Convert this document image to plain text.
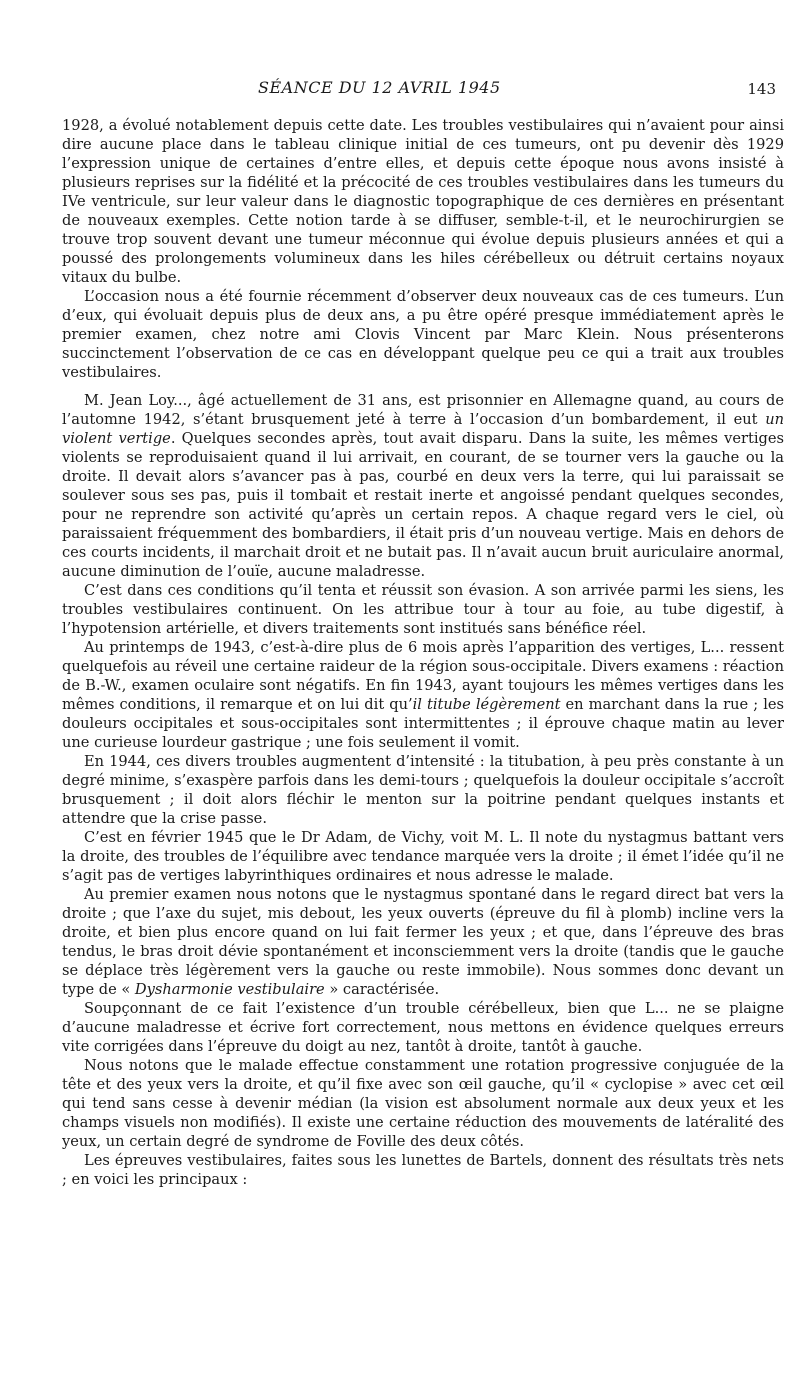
SÉANCE DU 12 AVRIL 1945	143

1928, a évolué notablement depuis cette date. Les troubles vestibulaires qui n’avaient pour ainsi dire aucune place dans le tableau clinique initial de ces tumeurs, ont pu devenir dès 1929 l’expression unique de certaines d’entre elles, et depuis cette époque nous avons insisté à plusieurs reprises sur la fidélité et la précocité de ces troubles vestibulaires dans les tumeurs du IVe ventricule, sur leur valeur dans le diagnostic topographique de ces dernières en présentant de nouveaux exemples. Cette notion tarde à se diffuser, semble-t-il, et le neurochirurgien se trouve trop souvent devant une tumeur méconnue qui évolue depuis plusieurs années et qui a poussé des prolongements volumineux dans les hiles cérébelleux ou détruit certains noyaux vitaux du bulbe.

L’occasion nous a été fournie récemment d’observer deux nouveaux cas de ces tumeurs. L’un d’eux, qui évoluait depuis plus de deux ans, a pu être opéré presque immédiatement après le premier examen, chez notre ami Clovis Vincent par Marc Klein. Nous présenterons succinctement l’observation de ce cas en développant quelque peu ce qui a trait aux troubles vestibulaires.

M. Jean Loy..., âgé actuellement de 31 ans, est prisonnier en Allemagne quand, au cours de l’automne 1942, s’étant brusquement jeté à terre à l’occasion d’un bombardement, il eut un violent vertige. Quelques secondes après, tout avait disparu. Dans la suite, les mêmes vertiges violents se reproduisaient quand il lui arrivait, en courant, de se tourner vers la gauche ou la droite. Il devait alors s’avancer pas à pas, courbé en deux vers la terre, qui lui paraissait se soulever sous ses pas, puis il tombait et restait inerte et angoissé pendant quelques secondes, pour ne reprendre son activité qu’après un certain repos. A chaque regard vers le ciel, où paraissaient fréquemment des bombardiers, il était pris d’un nouveau vertige. Mais en dehors de ces courts incidents, il marchait droit et ne butait pas. Il n’avait aucun bruit auriculaire anormal, aucune diminution de l’ouïe, aucune maladresse.

C’est dans ces conditions qu’il tenta et réussit son évasion. A son arrivée parmi les siens, les troubles vestibulaires continuent. On les attribue tour à tour au foie, au tube digestif, à l’hypotension artérielle, et divers traitements sont institués sans bénéfice réel.

Au printemps de 1943, c’est-à-dire plus de 6 mois après l’apparition des vertiges, L... ressent quelquefois au réveil une certaine raideur de la région sous-occipitale. Divers examens : réaction de B.-W., examen oculaire sont négatifs. En fin 1943, ayant toujours les mêmes vertiges dans les mêmes conditions, il remarque et on lui dit qu’il titube légèrement en marchant dans la rue ; les douleurs occipitales et sous-occipitales sont intermittentes ; il éprouve chaque matin au lever une curieuse lourdeur gastrique ; une fois seulement il vomit.

En 1944, ces divers troubles augmentent d’intensité : la titubation, à peu près constante à un degré minime, s’exaspère parfois dans les demi-tours ; quelquefois la douleur occipitale s’accroît brusquement ; il doit alors fléchir le menton sur la poitrine pendant quelques instants et attendre que la crise passe.

C’est en février 1945 que le Dr Adam, de Vichy, voit M. L. Il note du nystagmus battant vers la droite, des troubles de l’équilibre avec tendance marquée vers la droite ; il émet l’idée qu’il ne s’agit pas de vertiges labyrinthiques ordinaires et nous adresse le malade.

Au premier examen nous notons que le nystagmus spontané dans le regard direct bat vers la droite ; que l’axe du sujet, mis debout, les yeux ouverts (épreuve du fil à plomb) incline vers la droite, et bien plus encore quand on lui fait fermer les yeux ; et que, dans l’épreuve des bras tendus, le bras droit dévie spontanément et inconsciemment vers la droite (tandis que le gauche se déplace très légèrement vers la gauche ou reste immobile). Nous sommes donc devant un type de « Dysharmonie vestibulaire » caractérisée.

Soupçonnant de ce fait l’existence d’un trouble cérébelleux, bien que L... ne se plaigne d’aucune maladresse et écrive fort correctement, nous mettons en évidence quelques erreurs vite corrigées dans l’épreuve du doigt au nez, tantôt à droite, tantôt à gauche.

Nous notons que le malade effectue constamment une rotation progressive conjuguée de la tête et des yeux vers la droite, et qu’il fixe avec son œil gauche, qu’il « cyclopise » avec cet œil qui tend sans cesse à devenir médian (la vision est absolument normale aux deux yeux et les champs visuels non modifiés). Il existe une certaine réduction des mouvements de latéralité des yeux, un certain degré de syndrome de Foville des deux côtés.

Les épreuves vestibulaires, faites sous les lunettes de Bartels, donnent des résultats très nets ; en voici les principaux :
